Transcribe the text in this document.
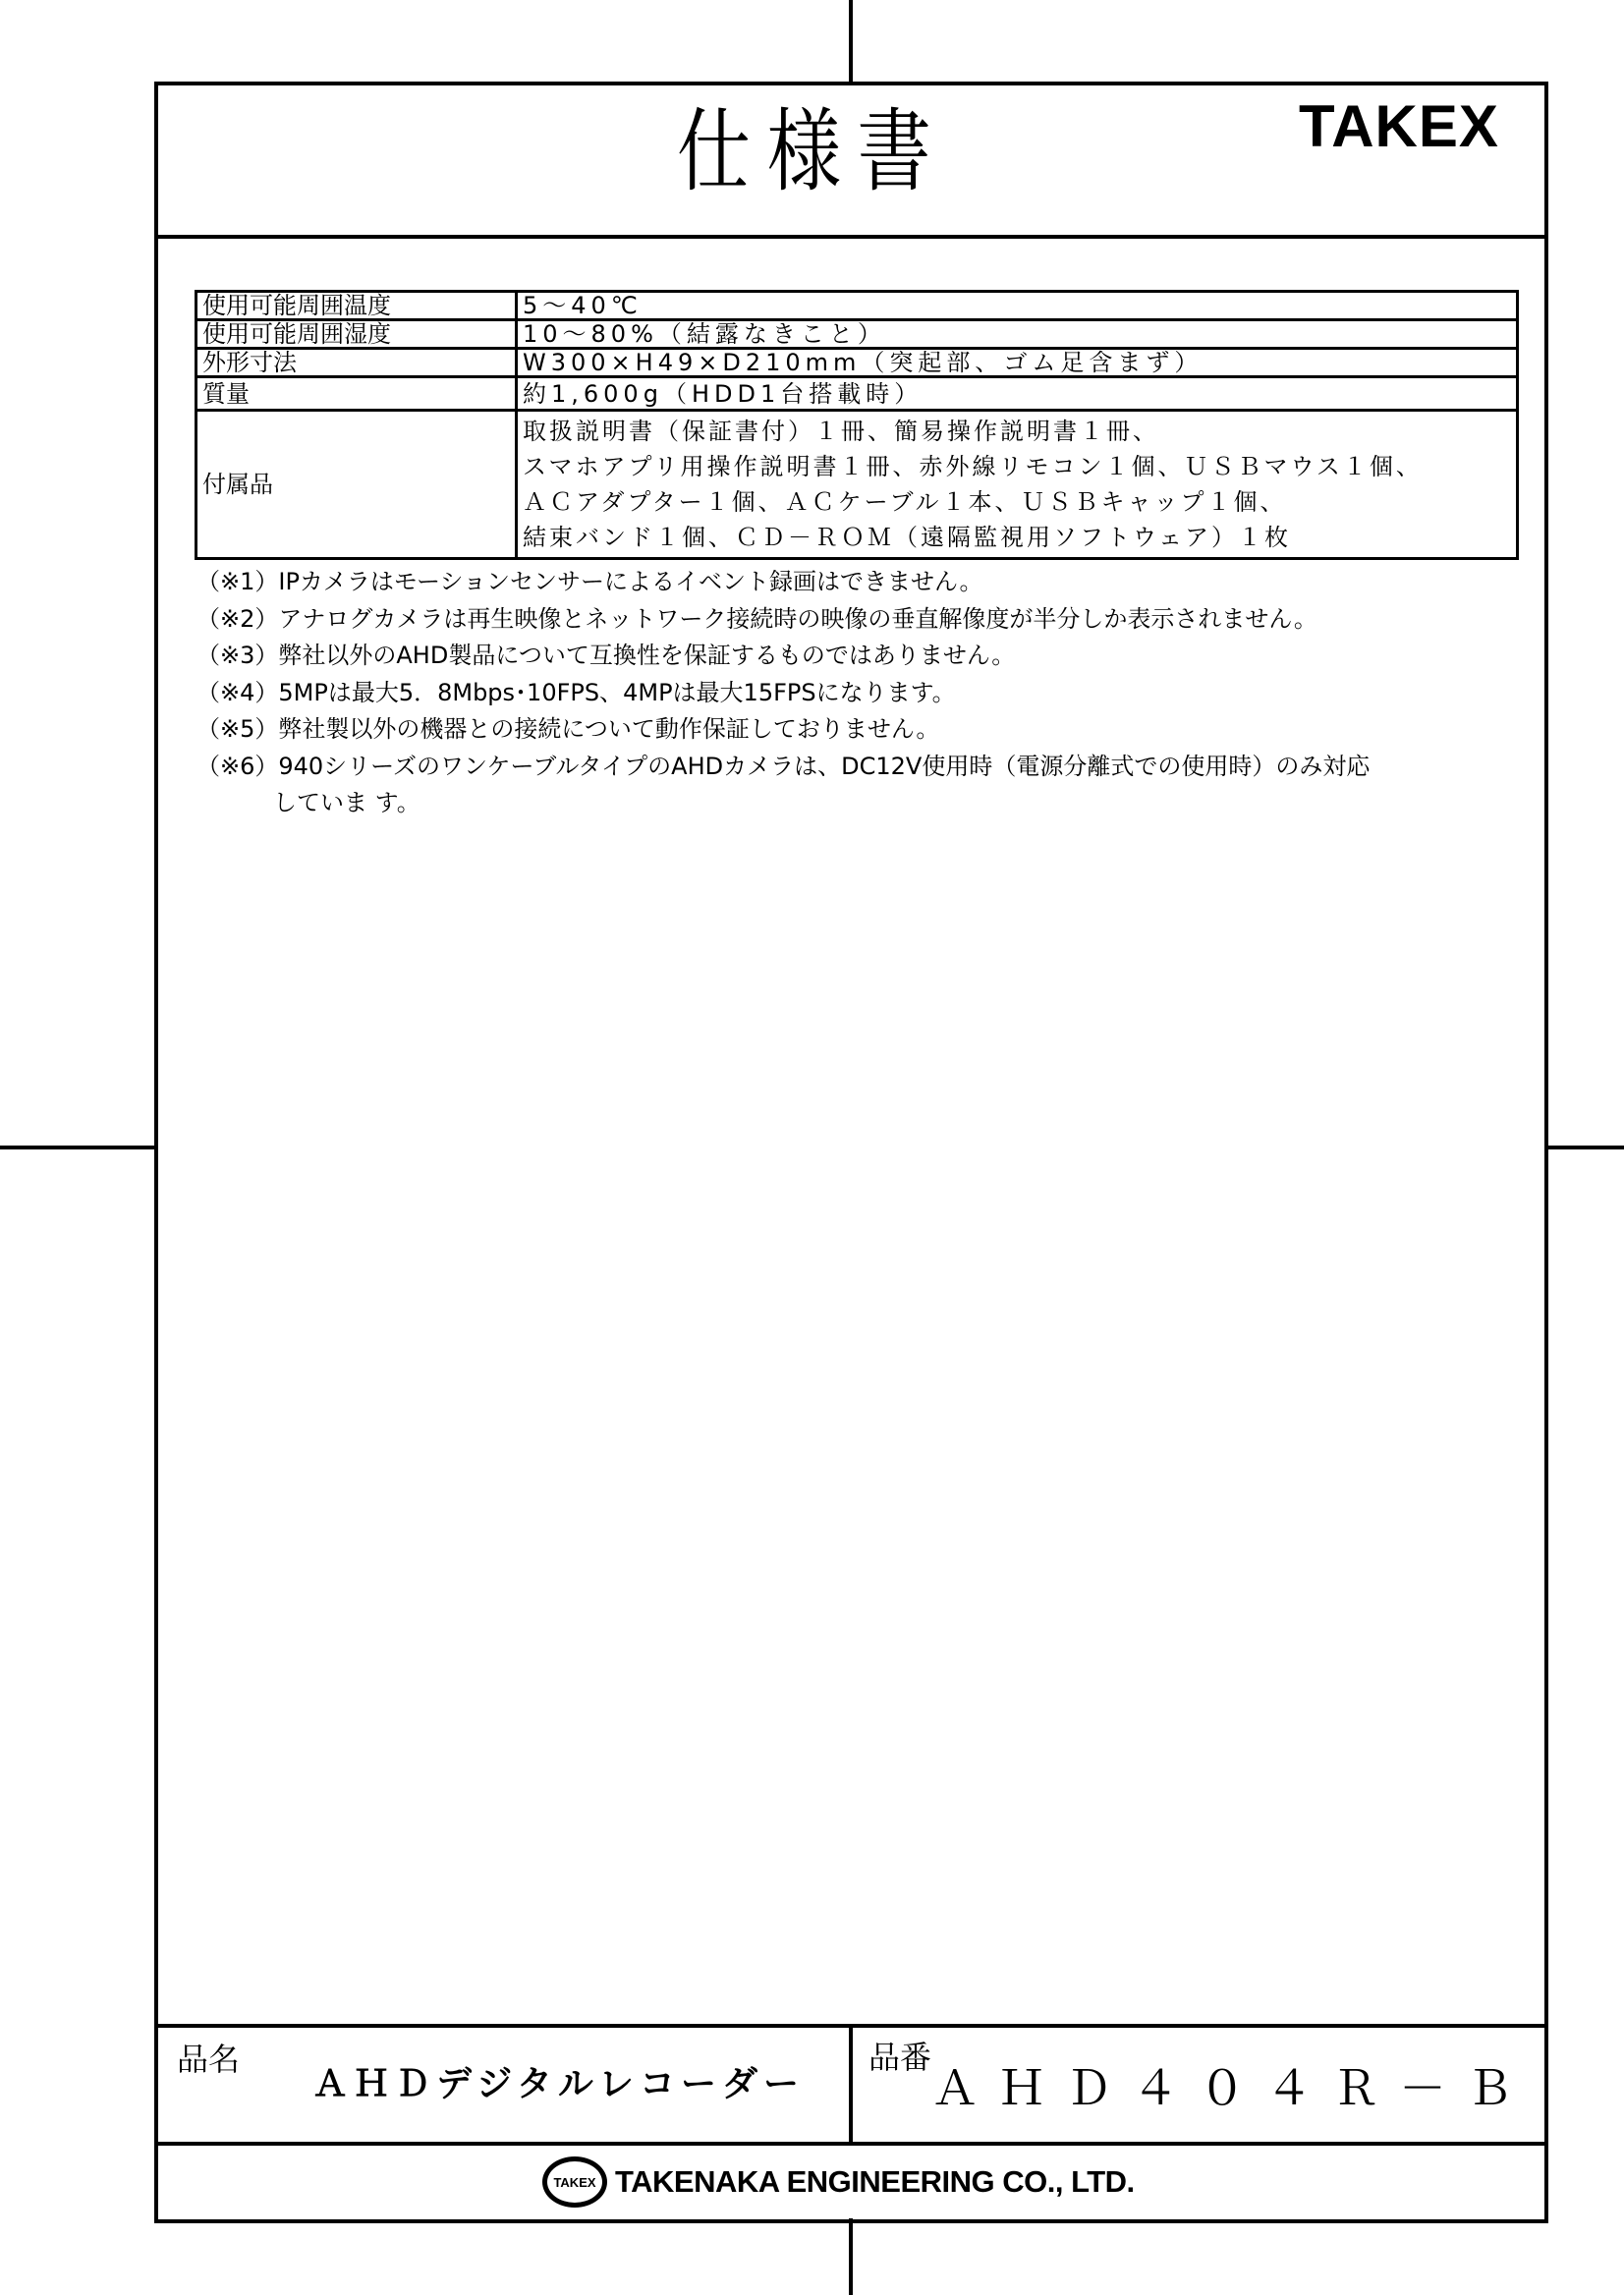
仕様書	TAKEX
使用可能周囲温度	5～40℃
使用可能周囲湿度	10～80%（結露なきこと）
外形寸法	W300×H49×D210mm（突起部、ゴム足含まず）
質量	約1,600g（HDD1台搭載時）
付属品	取扱説明書（保証書付）１冊、簡易操作説明書１冊、
スマホアプリ用操作説明書１冊、赤外線リモコン１個、ＵＳＢマウス１個、
ＡＣアダプター１個、ＡＣケーブル１本、ＵＳＢキャップ１個、
結束バンド１個、ＣＤ－ＲＯＭ（遠隔監視用ソフトウェア）１枚
（※1）IPカメラはモーションセンサーによるイベント録画はできません。
（※2）アナログカメラは再生映像とネットワーク接続時の映像の垂直解像度が半分しか表示されません。
（※3）弊社以外のAHD製品について互換性を保証するものではありません。
（※4）5MPは最大5．8Mbps･10FPS、4MPは最大15FPSになります。
（※5）弊社製以外の機器との接続について動作保証しておりません。
（※6）940シリーズのワンケーブルタイプのAHDカメラは、DC12V使用時（電源分離式での使用時）のみ対応
していま す。
品名
ＡＨＤデジタルレコーダー
品番
ＡＨＤ４０４Ｒ－Ｂ
TAKEX TAKENAKA ENGINEERING CO., LTD.
